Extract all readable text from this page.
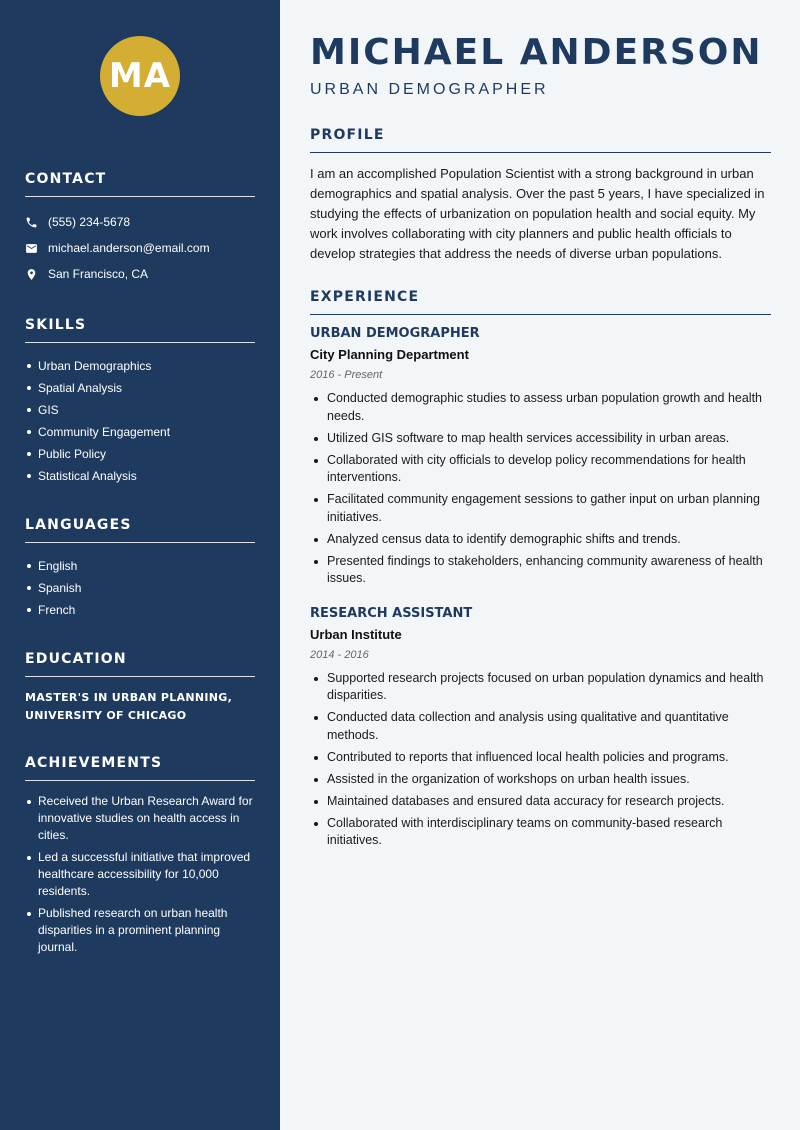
MA
CONTACT
(555) 234-5678
michael.anderson@email.com
San Francisco, CA
SKILLS
Urban Demographics
Spatial Analysis
GIS
Community Engagement
Public Policy
Statistical Analysis
LANGUAGES
English
Spanish
French
EDUCATION
MASTER'S IN URBAN PLANNING,
UNIVERSITY OF CHICAGO
ACHIEVEMENTS
Received the Urban Research Award for innovative studies on health access in cities.
Led a successful initiative that improved healthcare accessibility for 10,000 residents.
Published research on urban health disparities in a prominent planning journal.
MICHAEL ANDERSON
URBAN DEMOGRAPHER
PROFILE

I am an accomplished Population Scientist with a strong background in urban demographics and spatial analysis. Over the past 5 years, I have specialized in studying the effects of urbanization on population health and social equity. My work involves collaborating with city planners and public health officials to develop strategies that address the needs of diverse urban populations.

EXPERIENCE
URBAN DEMOGRAPHER
City Planning Department
2016 - Present
Conducted demographic studies to assess urban population growth and health needs.
Utilized GIS software to map health services accessibility in urban areas.
Collaborated with city officials to develop policy recommendations for health interventions.
Facilitated community engagement sessions to gather input on urban planning initiatives.
Analyzed census data to identify demographic shifts and trends.
Presented findings to stakeholders, enhancing community awareness of health issues.
RESEARCH ASSISTANT
Urban Institute
2014 - 2016
Supported research projects focused on urban population dynamics and health disparities.
Conducted data collection and analysis using qualitative and quantitative methods.
Contributed to reports that influenced local health policies and programs.
Assisted in the organization of workshops on urban health issues.
Maintained databases and ensured data accuracy for research projects.
Collaborated with interdisciplinary teams on community-based research initiatives.
